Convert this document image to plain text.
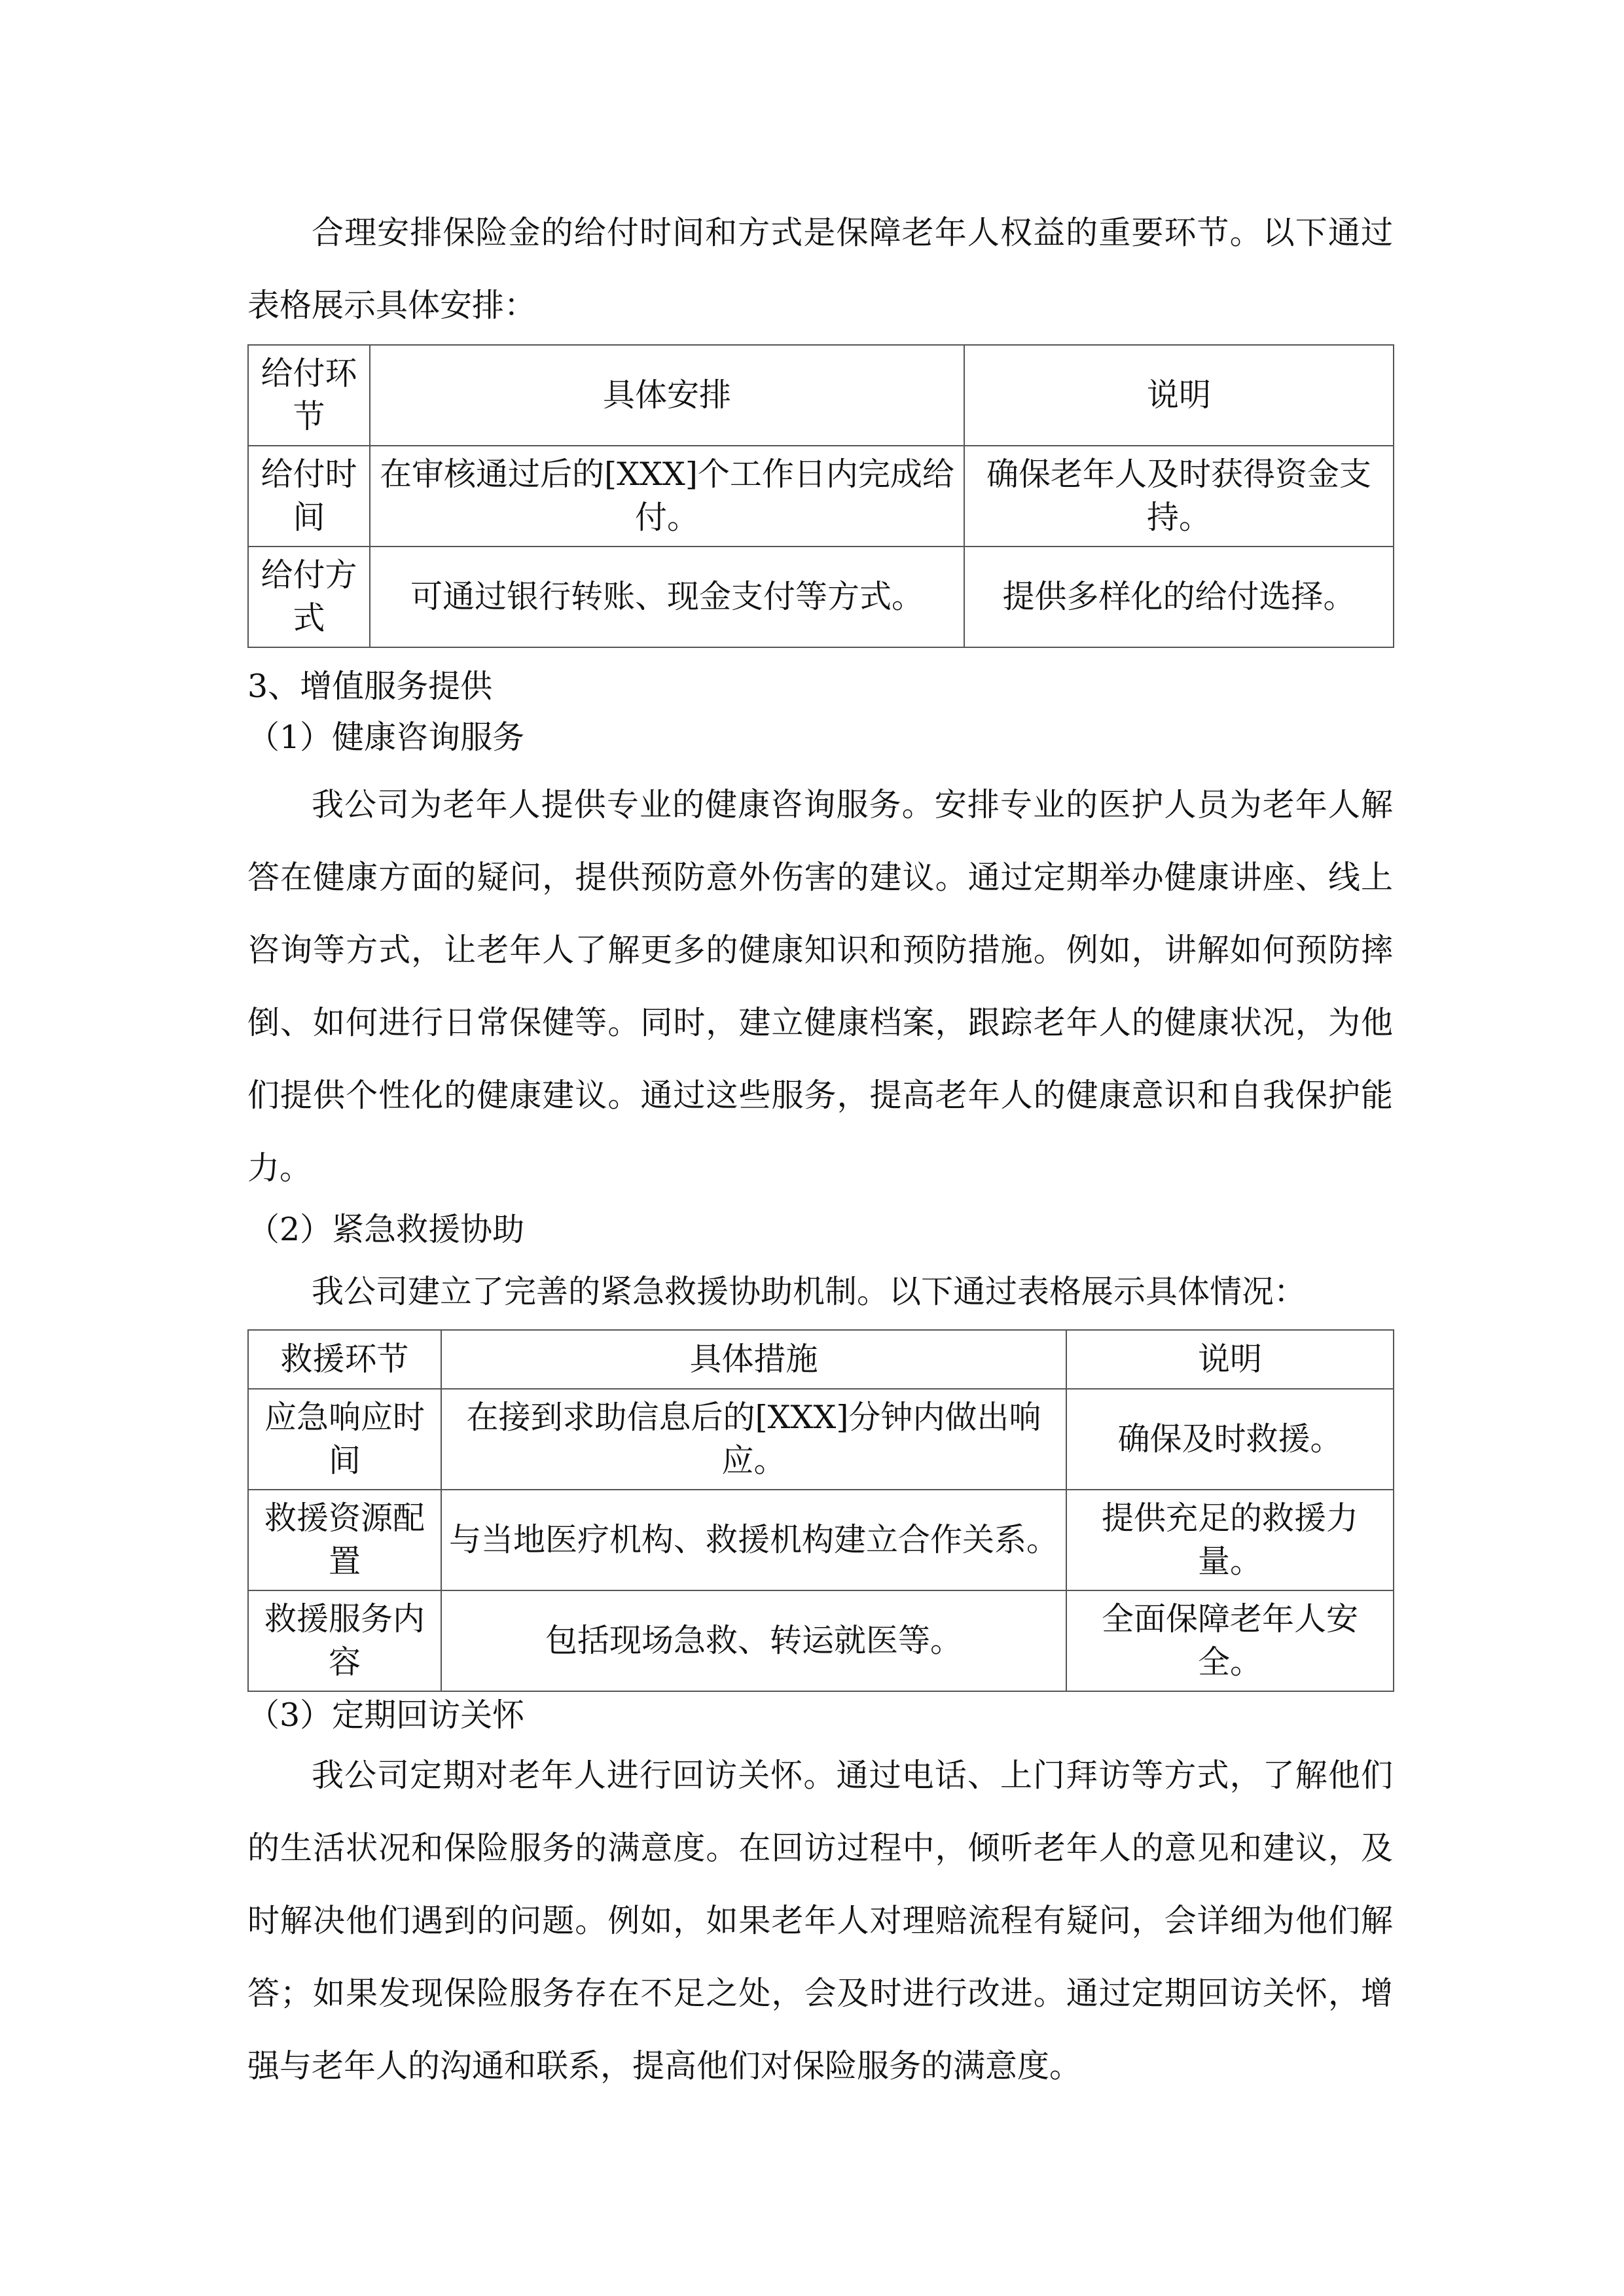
合理安排保险金的给付时间和方式是保障老年人权益的重要环节。以下通过表格展示具体安排：

给付环节	具体安排	说明
给付时间	在审核通过后的[XXX]个工作日内完成给付。	确保老年人及时获得资金支持。
给付方式	可通过银行转账、现金支付等方式。	提供多样化的给付选择。

3、增值服务提供

（1）健康咨询服务

我公司为老年人提供专业的健康咨询服务。安排专业的医护人员为老年人解答在健康方面的疑问，提供预防意外伤害的建议。通过定期举办健康讲座、线上咨询等方式，让老年人了解更多的健康知识和预防措施。例如，讲解如何预防摔倒、如何进行日常保健等。同时，建立健康档案，跟踪老年人的健康状况，为他们提供个性化的健康建议。通过这些服务，提高老年人的健康意识和自我保护能力。

（2）紧急救援协助

我公司建立了完善的紧急救援协助机制。以下通过表格展示具体情况：

救援环节	具体措施	说明
应急响应时间	在接到求助信息后的[XXX]分钟内做出响应。	确保及时救援。
救援资源配置	与当地医疗机构、救援机构建立合作关系。	提供充足的救援力量。
救援服务内容	包括现场急救、转运就医等。	全面保障老年人安全。

（3）定期回访关怀

我公司定期对老年人进行回访关怀。通过电话、上门拜访等方式，了解他们的生活状况和保险服务的满意度。在回访过程中，倾听老年人的意见和建议，及时解决他们遇到的问题。例如，如果老年人对理赔流程有疑问，会详细为他们解答；如果发现保险服务存在不足之处，会及时进行改进。通过定期回访关怀，增强与老年人的沟通和联系，提高他们对保险服务的满意度。
